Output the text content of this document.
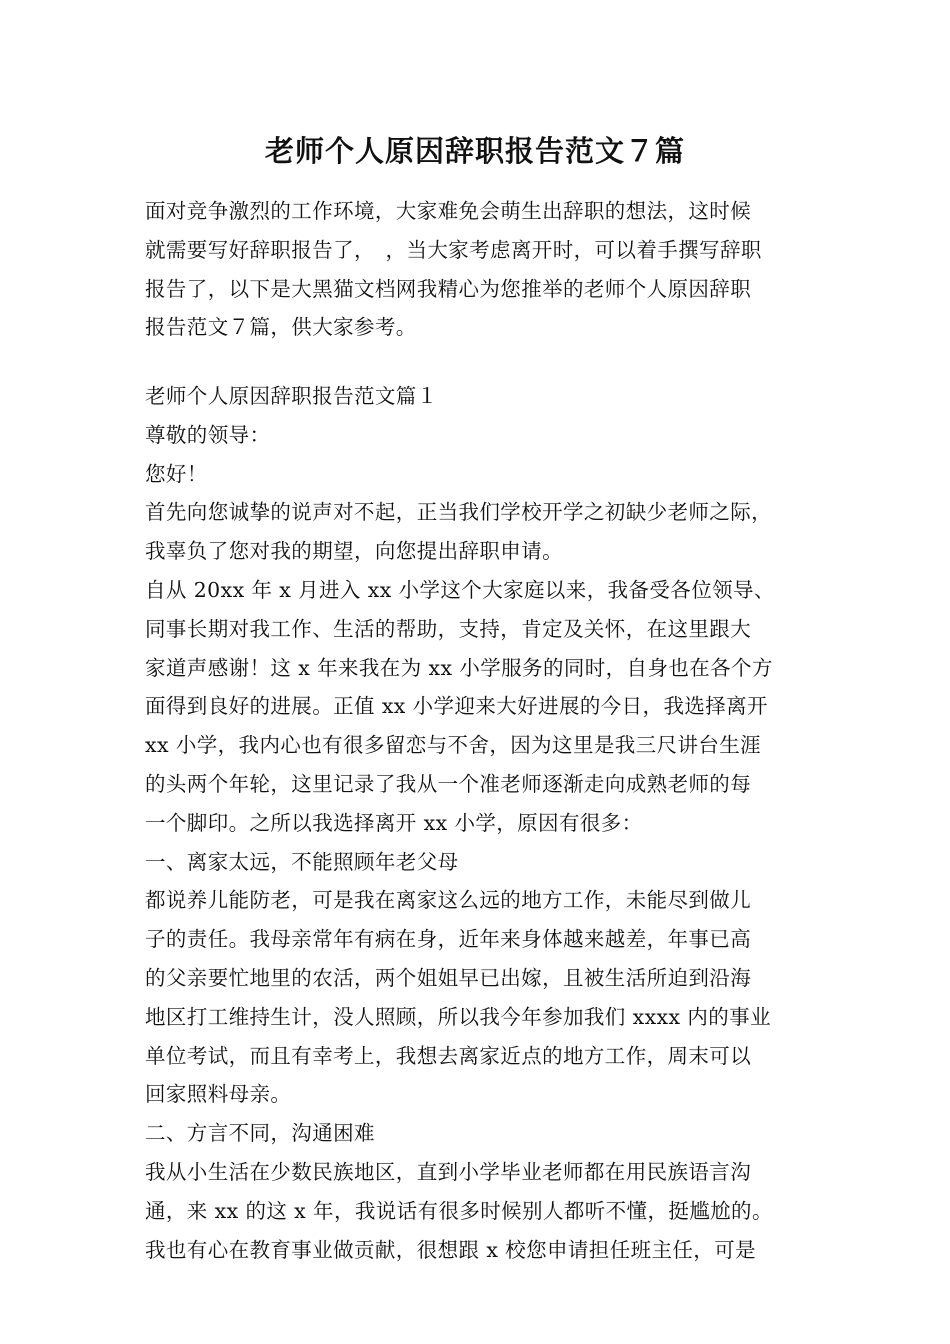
老师个人原因辞职报告范文７篇
面对竞争激烈的工作环境，大家难免会萌生出辞职的想法，这时候
就需要写好辞职报告了，　，当大家考虑离开时，可以着手撰写辞职
报告了，以下是大黑猫文档网我精心为您推举的老师个人原因辞职
报告范文７篇，供大家参考。
老师个人原因辞职报告范文篇１
尊敬的领导：
您好！
首先向您诚挚的说声对不起，正当我们学校开学之初缺少老师之际，
我辜负了您对我的期望，向您提出辞职申请。
自从 20xx 年 x 月进入 xx 小学这个大家庭以来，我备受各位领导、
同事长期对我工作、生活的帮助，支持，肯定及关怀，在这里跟大
家道声感谢！这 x 年来我在为 xx 小学服务的同时，自身也在各个方
面得到良好的进展。正值 xx 小学迎来大好进展的今日，我选择离开
xx 小学，我内心也有很多留恋与不舍，因为这里是我三尺讲台生涯
的头两个年轮，这里记录了我从一个准老师逐渐走向成熟老师的每
一个脚印。之所以我选择离开 xx 小学，原因有很多：
一、离家太远，不能照顾年老父母
都说养儿能防老，可是我在离家这么远的地方工作，未能尽到做儿
子的责任。我母亲常年有病在身，近年来身体越来越差，年事已高
的父亲要忙地里的农活，两个姐姐早已出嫁，且被生活所迫到沿海
地区打工维持生计，没人照顾，所以我今年参加我们 xxxx 内的事业
单位考试，而且有幸考上，我想去离家近点的地方工作，周末可以
回家照料母亲。
二、方言不同，沟通困难
我从小生活在少数民族地区，直到小学毕业老师都在用民族语言沟
通，来 xx 的这 x 年，我说话有很多时候别人都听不懂，挺尴尬的。
我也有心在教育事业做贡献，很想跟 x 校您申请担任班主任，可是
